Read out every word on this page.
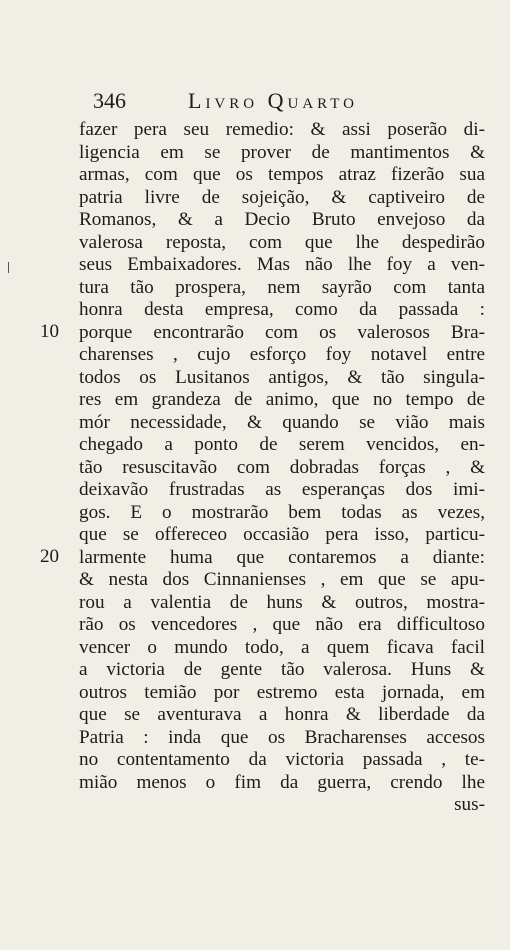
346	Livro Quarto
10
20
fazer pera seu remedio: & assi poserão di-
ligencia em se prover de mantimentos &
armas, com que os tempos atraz fizerão sua
patria livre de sojeição, & captiveiro de
Romanos, & a Decio Bruto envejoso da
valerosa reposta, com que lhe despedirão
seus Embaixadores. Mas não lhe foy a ven-
tura tão prospera, nem sayrão com tanta
honra desta empresa, como da passada :
porque encontrarão com os valerosos Bra-
charenses , cujo esforço foy notavel entre
todos os Lusitanos antigos, & tão singula-
res em grandeza de animo, que no tempo de
mór necessidade, & quando se vião mais
chegado a ponto de serem vencidos, en-
tão resuscitavão com dobradas forças , &
deixavão frustradas as esperanças dos imi-
gos. E o mostrarão bem todas as vezes,
que se offereceo occasião pera isso, particu-
larmente huma que contaremos a diante:
& nesta dos Cinnanienses , em que se apu-
rou a valentia de huns & outros, mostra-
rão os vencedores , que não era difficultoso
vencer o mundo todo, a quem ficava facil
a victoria de gente tão valerosa. Huns &
outros temião por estremo esta jornada, em
que se aventurava a honra & liberdade da
Patria : inda que os Bracharenses accesos
no contentamento da victoria passada , te-
mião menos o fim da guerra, crendo lhe
sus-
